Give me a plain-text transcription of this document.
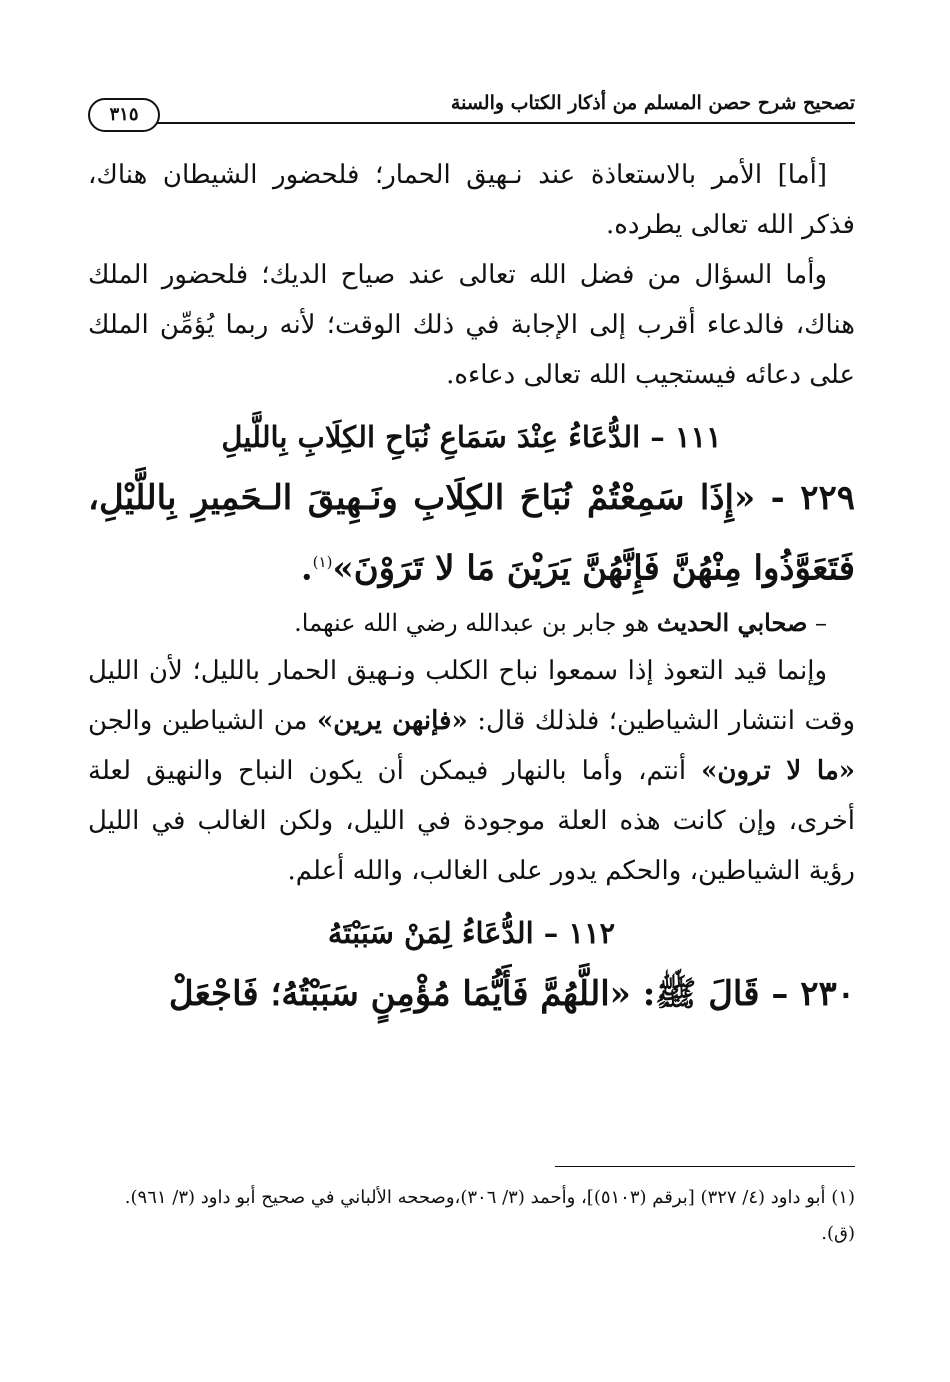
تصحيح شرح حصن المسلم من أذكار الكتاب والسنة
٣١٥

[أما] الأمر بالاستعاذة عند نـهيق الحمار؛ فلحضور الشيطان هناك، فذكر الله تعالى يطرده.

وأما السؤال من فضل الله تعالى عند صياح الديك؛ فلحضور الملك هناك، فالدعاء أقرب إلى الإجابة في ذلك الوقت؛ لأنه ربما يُؤمِّن الملك على دعائه فيستجيب الله تعالى دعاءه.

١١١ – الدُّعَاءُ عِنْدَ سَمَاعِ نُبَاحِ الكِلَابِ بِاللَّيلِ

٢٢٩ - «إِذَا سَمِعْتُمْ نُبَاحَ الكِلَابِ ونَـهِيقَ الـحَمِيرِ بِاللَّيْلِ، فَتَعَوَّذُوا مِنْهُنَّ فَإِنَّهُنَّ يَرَيْنَ مَا لا تَرَوْنَ»$^{(١)}$.

– صحابي الحديث هو جابر بن عبدالله رضي الله عنهما.

وإنما قيد التعوذ إذا سمعوا نباح الكلب ونـهيق الحمار بالليل؛ لأن الليل وقت انتشار الشياطين؛ فلذلك قال: «فإنهن يرين» من الشياطين والجن «ما لا ترون» أنتم، وأما بالنهار فيمكن أن يكون النباح والنهيق لعلة أخرى، وإن كانت هذه العلة موجودة في الليل، ولكن الغالب في الليل رؤية الشياطين، والحكم يدور على الغالب، والله أعلم.

١١٢ – الدُّعَاءُ لِمَنْ سَبَبْتَهُ

٢٣٠ – قَالَ ﷺ: «اللَّهُمَّ فَأَيُّمَا مُؤْمِنٍ سَبَبْتُهُ؛ فَاجْعَلْ

(١) أبو داود (٤/ ٣٢٧) [برقم (٥١٠٣)]، وأحمد (٣/ ٣٠٦)،وصححه الألباني في صحيح أبو داود (٣/ ٩٦١). (ق).
